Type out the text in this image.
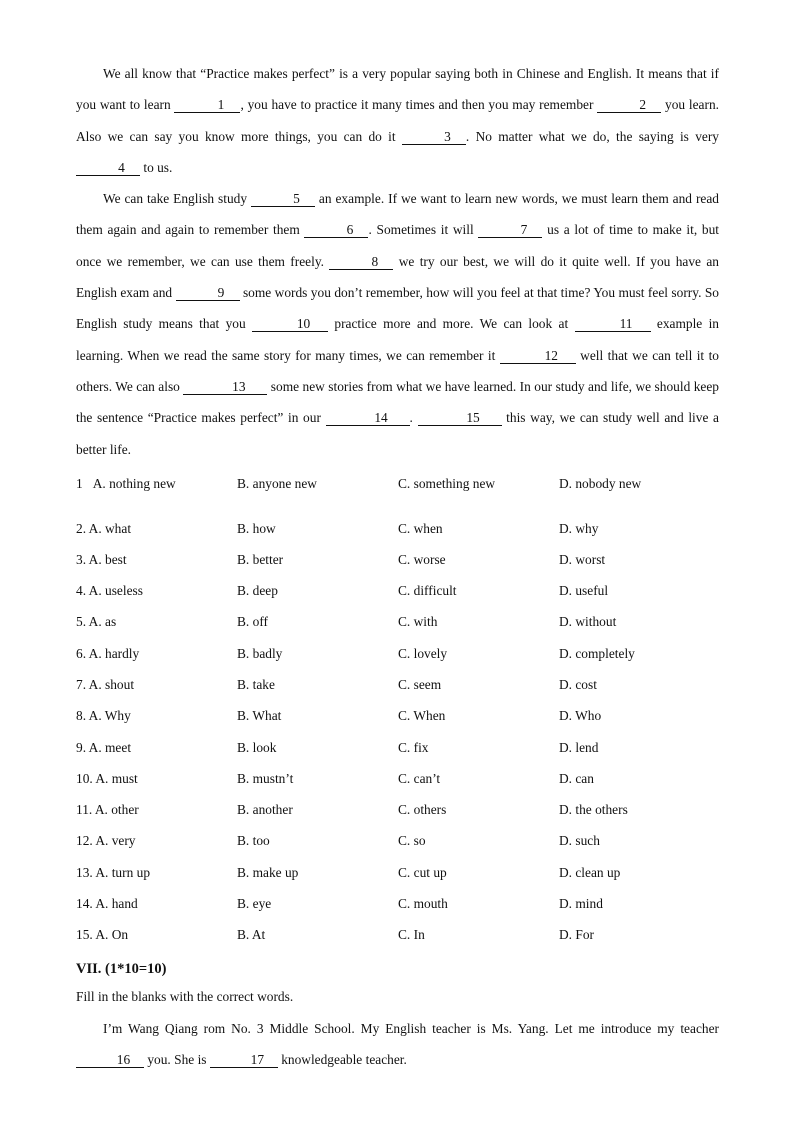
We all know that “Practice makes perfect” is a very popular saying both in Chinese and English. It means that if you want to learn	1 , you have to practice it many times and then you may remember	2 you learn. Also we can say you know more things, you can do it	3 . No matter what we do, the saying is very 4 to us.

We can take English study	5 an example. If we want to learn new words, we must learn them and read them again and again to remember them	6 . Sometimes it will	7 us a lot of time to make it, but once we remember, we can use them freely.	8 we try our best, we will do it quite well. If you have an English exam and	9 some words you don’t remember, how will you feel at that time? You must feel sorry. So English study means that you	10 practice more and more. We can look at	11 example in learning. When we read the same story for many times, we can remember it	12 well that we can tell it to others. We can also	13 some new stories from what we have learned. In our study and life, we should keep the sentence “Practice makes perfect” in our	14 .	15 this way, we can study well and live a better life.

1 A. nothing new	B. anyone new	C. something new	D. nobody new
2. A. what	B. how	C. when	D. why
3. A. best	B. better	C. worse	D. worst
4. A. useless	B. deep	C. difficult	D. useful
5. A. as	B. off	C. with	D. without
6. A. hardly	B. badly	C. lovely	D. completely
7. A. shout	B. take	C. seem	D. cost
8. A. Why	B. What	C. When	D. Who
9. A. meet	B. look	C. fix	D. lend
10. A. must	B. mustn’t	C. can’t	D. can
11. A. other	B. another	C. others	D. the others
12. A. very	B. too	C. so	D. such
13. A. turn up	B. make up	C. cut up	D. clean up
14. A. hand	B. eye	C. mouth	D. mind
15. A. On	B. At	C. In	D. For
VII. (1*10=10)
Fill in the blanks with the correct words.

I’m Wang Qiang rom No. 3 Middle School. My English teacher is Ms. Yang. Let me introduce my teacher 16 you. She is	17 knowledgeable teacher.
